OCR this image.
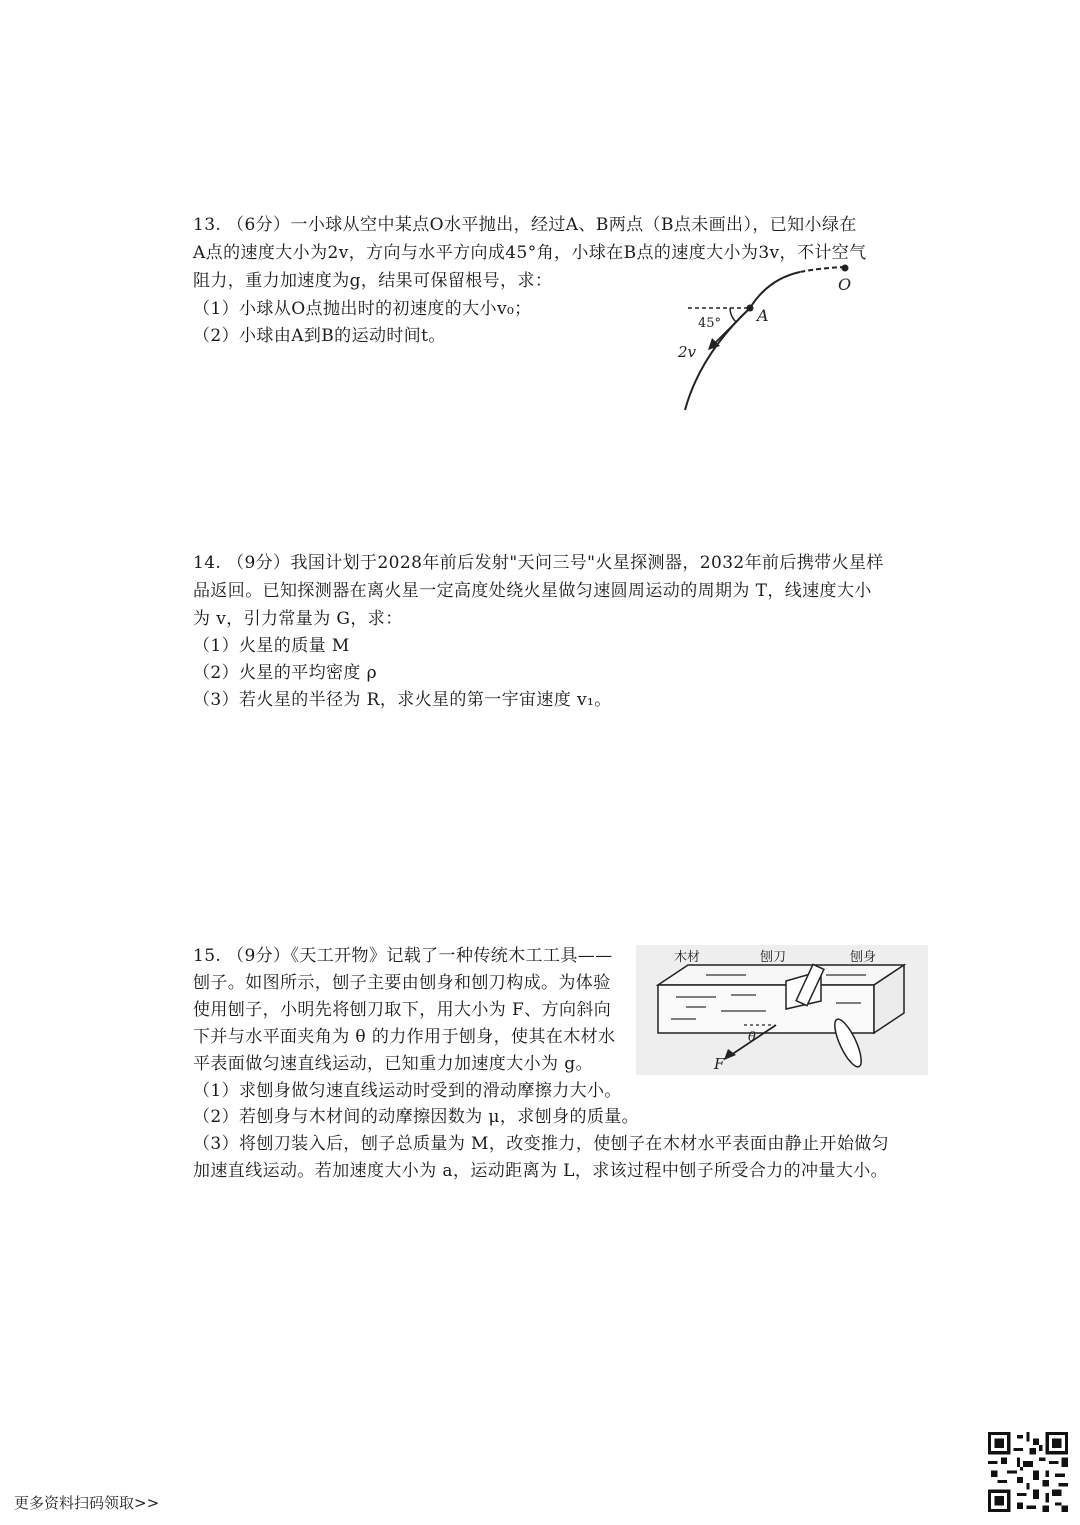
13. （6分）一小球从空中某点O水平抛出，经过A、B两点（B点未画出），已知小绿在
A点的速度大小为2v，方向与水平方向成45°角，小球在B点的速度大小为3v，不计空气
阻力，重力加速度为g，结果可保留根号，求：
（1）小球从O点抛出时的初速度的大小v₀；
（2）小球由A到B的运动时间t。
O
A
45°
2v
14. （9分）我国计划于2028年前后发射"天问三号"火星探测器，2032年前后携带火星样
品返回。已知探测器在离火星一定高度处绕火星做匀速圆周运动的周期为 T，线速度大小
为 v，引力常量为 G，求：
（1）火星的质量 M
（2）火星的平均密度 ρ
（3）若火星的半径为 R，求火星的第一宇宙速度 v₁。
15. （9分）《天工开物》记载了一种传统木工工具——
刨子。如图所示，刨子主要由刨身和刨刀构成。为体验
使用刨子，小明先将刨刀取下，用大小为 F、方向斜向
下并与水平面夹角为 θ 的力作用于刨身，使其在木材水
平表面做匀速直线运动，已知重力加速度大小为 g。
（1）求刨身做匀速直线运动时受到的滑动摩擦力大小。
（2）若刨身与木材间的动摩擦因数为 μ，求刨身的质量。
（3）将刨刀装入后，刨子总质量为 M，改变推力，使刨子在木材水平表面由静止开始做匀
加速直线运动。若加速度大小为 a，运动距离为 L，求该过程中刨子所受合力的冲量大小。
θ
F
木材	刨刀	刨身
更多资料扫码领取>>
